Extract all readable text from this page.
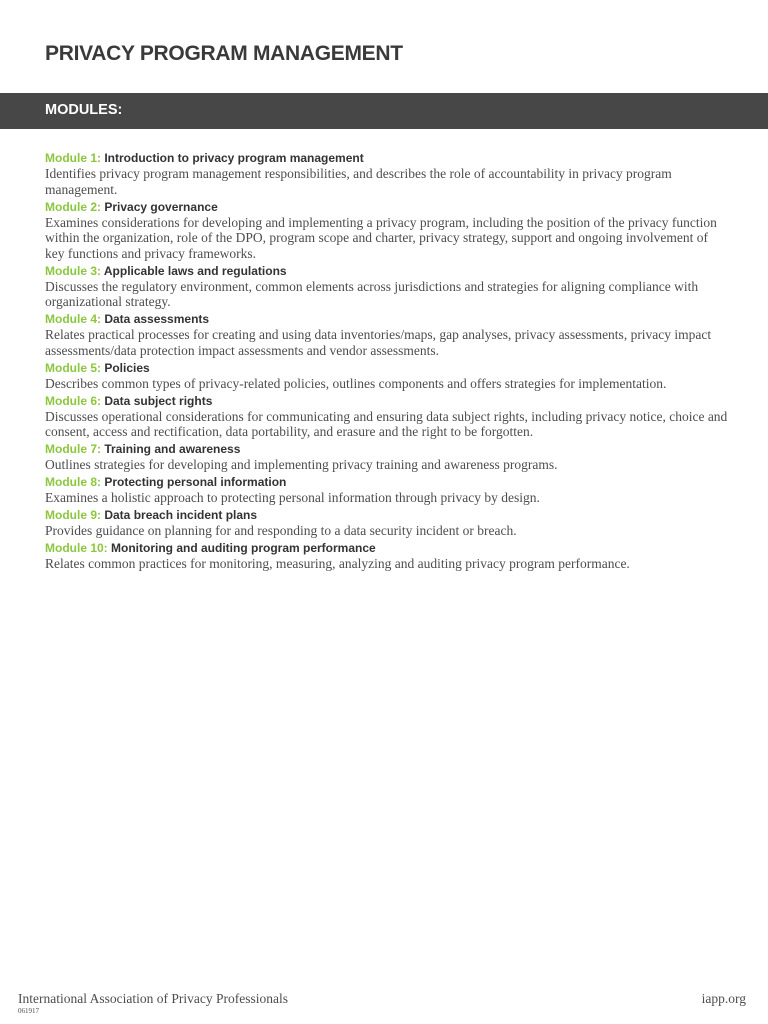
PRIVACY PROGRAM MANAGEMENT
MODULES:
Module 1: Introduction to privacy program management

Identifies privacy program management responsibilities, and describes the role of accountability in privacy program management.

Module 2: Privacy governance

Examines considerations for developing and implementing a privacy program, including the position of the privacy function within the organization, role of the DPO, program scope and charter, privacy strategy, support and ongoing involvement of key functions and privacy frameworks.

Module 3: Applicable laws and regulations

Discusses the regulatory environment, common elements across jurisdictions and strategies for aligning compliance with organizational strategy.

Module 4: Data assessments

Relates practical processes for creating and using data inventories/maps, gap analyses, privacy assessments, privacy impact assessments/data protection impact assessments and vendor assessments.

Module 5: Policies

Describes common types of privacy-related policies, outlines components and offers strategies for implementation.

Module 6: Data subject rights

Discusses operational considerations for communicating and ensuring data subject rights, including privacy notice, choice and consent, access and rectification, data portability, and erasure and the right to be forgotten.

Module 7: Training and awareness

Outlines strategies for developing and implementing privacy training and awareness programs.

Module 8: Protecting personal information

Examines a holistic approach to protecting personal information through privacy by design.

Module 9: Data breach incident plans

Provides guidance on planning for and responding to a data security incident or breach.

Module 10: Monitoring and auditing program performance

Relates common practices for monitoring, measuring, analyzing and auditing privacy program performance.

International Association of Privacy Professionals
061917
iapp.org
